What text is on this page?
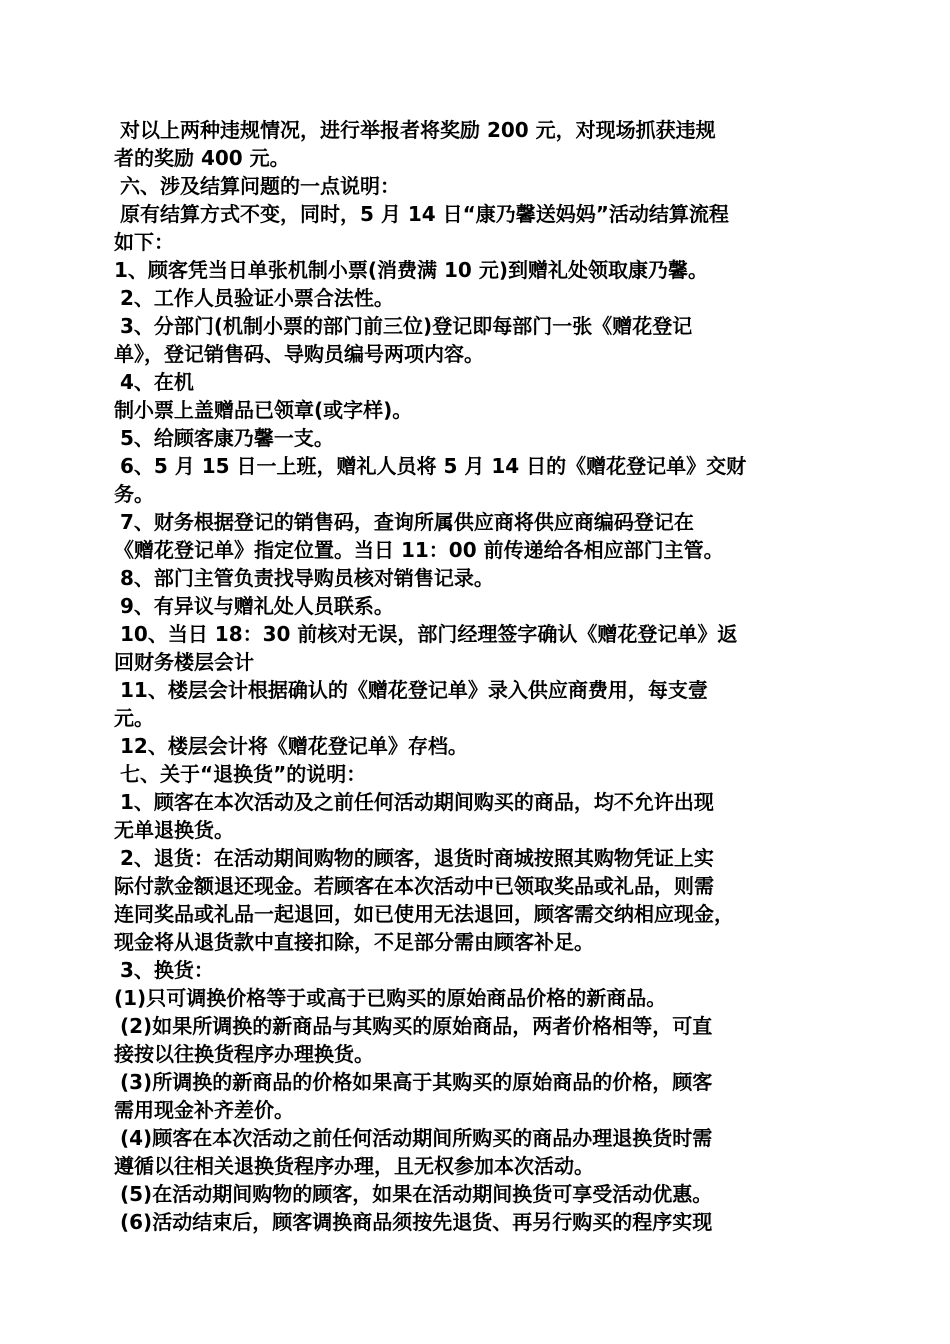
对以上两种违规情况，进行举报者将奖励 200 元，对现场抓获违规
者的奖励 400 元。
六、涉及结算问题的一点说明：
原有结算方式不变，同时，5 月 14 日“康乃馨送妈妈”活动结算流程
如下：
1、顾客凭当日单张机制小票(消费满 10 元)到赠礼处领取康乃馨。
2、工作人员验证小票合法性。
3、分部门(机制小票的部门前三位)登记即每部门一张《赠花登记
单》，登记销售码、导购员编号两项内容。
4、在机
制小票上盖赠品已领章(或字样)。
5、给顾客康乃馨一支。
6、5 月 15 日一上班，赠礼人员将 5 月 14 日的《赠花登记单》交财
务。
7、财务根据登记的销售码，查询所属供应商将供应商编码登记在
《赠花登记单》指定位置。当日 11：00 前传递给各相应部门主管。
8、部门主管负责找导购员核对销售记录。
9、有异议与赠礼处人员联系。
10、当日 18：30 前核对无误，部门经理签字确认《赠花登记单》返
回财务楼层会计
11、楼层会计根据确认的《赠花登记单》录入供应商费用，每支壹
元。
12、楼层会计将《赠花登记单》存档。
七、关于“退换货”的说明：
1、顾客在本次活动及之前任何活动期间购买的商品，均不允许出现
无单退换货。
2、退货：在活动期间购物的顾客，退货时商城按照其购物凭证上实
际付款金额退还现金。若顾客在本次活动中已领取奖品或礼品，则需
连同奖品或礼品一起退回，如已使用无法退回，顾客需交纳相应现金，
现金将从退货款中直接扣除，不足部分需由顾客补足。
3、换货：
(1)只可调换价格等于或高于已购买的原始商品价格的新商品。
(2)如果所调换的新商品与其购买的原始商品，两者价格相等，可直
接按以往换货程序办理换货。
(3)所调换的新商品的价格如果高于其购买的原始商品的价格，顾客
需用现金补齐差价。
(4)顾客在本次活动之前任何活动期间所购买的商品办理退换货时需
遵循以往相关退换货程序办理，且无权参加本次活动。
(5)在活动期间购物的顾客，如果在活动期间换货可享受活动优惠。
(6)活动结束后，顾客调换商品须按先退货、再另行购买的程序实现
